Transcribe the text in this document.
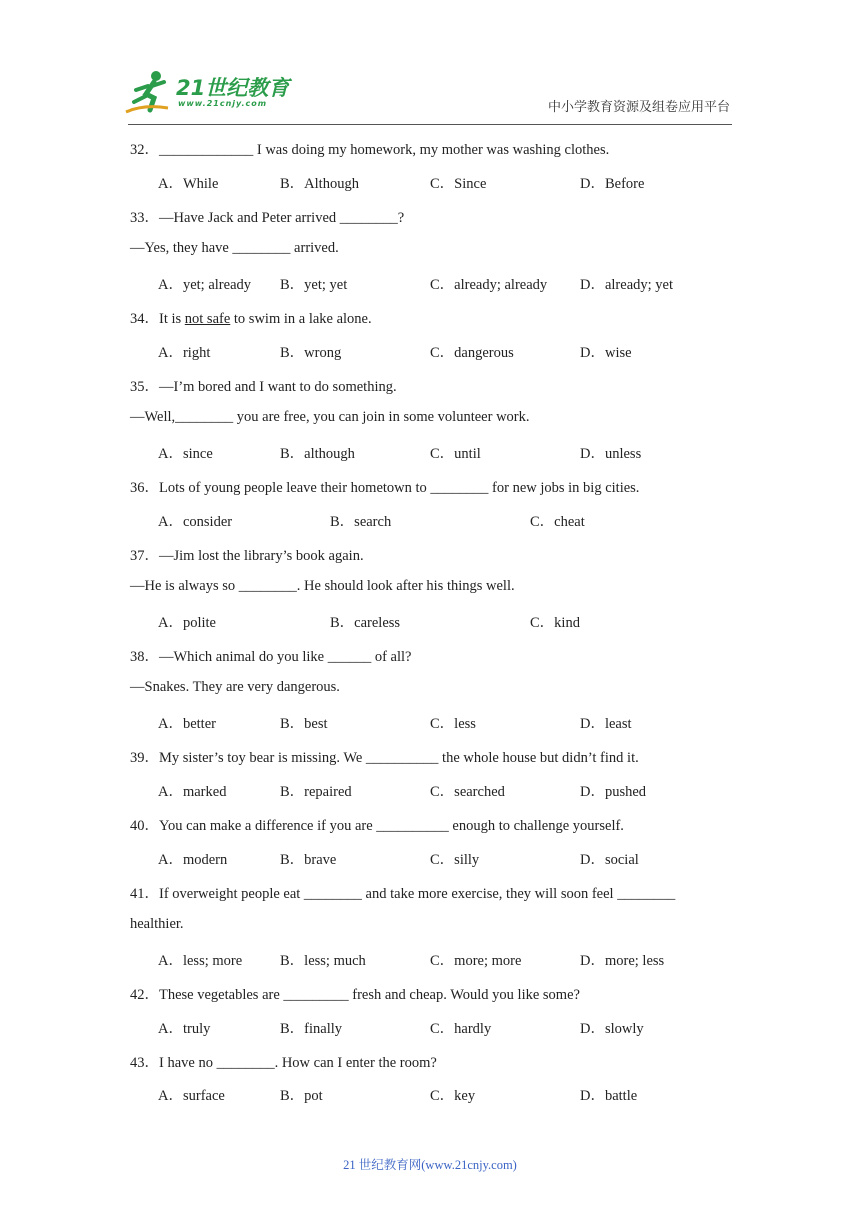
21世纪教育
www.21cnjy.com	中小学教育资源及组卷应用平台
32．_____________ I was doing my homework, my mother was washing clothes.
A．While	B．Although	C．Since	D．Before
33．—Have Jack and Peter arrived ________?
—Yes, they have ________ arrived.
A．yet; already B．yet; yet	C．already; already D．already; yet
34．It is not safe to swim in a lake alone.
A．right	B．wrong	C．dangerous	D．wise
35．—I’m bored and I want to do something.
—Well,________ you are free, you can join in some volunteer work.
A．since	B．although	C．until	D．unless
36．Lots of young people leave their hometown to ________ for new jobs in big cities.
A．consider	B．search	C．cheat
37．—Jim lost the library’s book again.
—He is always so ________. He should look after his things well.
A．polite	B．careless	C．kind
38．—Which animal do you like ______ of all?
—Snakes. They are very dangerous.
A．better	B．best	C．less	D．least
39．My sister’s toy bear is missing. We __________ the whole house but didn’t find it.
A．marked	B．repaired	C．searched	D．pushed
40．You can make a difference if you are __________ enough to challenge yourself.
A．modern	B．brave	C．silly	D．social
41．If overweight people eat ________ and take more exercise, they will soon feel ________
healthier.
A．less; more	B．less; much	C．more; more	D．more; less
42．These vegetables are _________ fresh and cheap. Would you like some?
A．truly	B．finally	C．hardly	D．slowly
43．I have no ________. How can I enter the room?
A．surface	B．pot	C．key	D．battle
21 世纪教育网(www.21cnjy.com)
